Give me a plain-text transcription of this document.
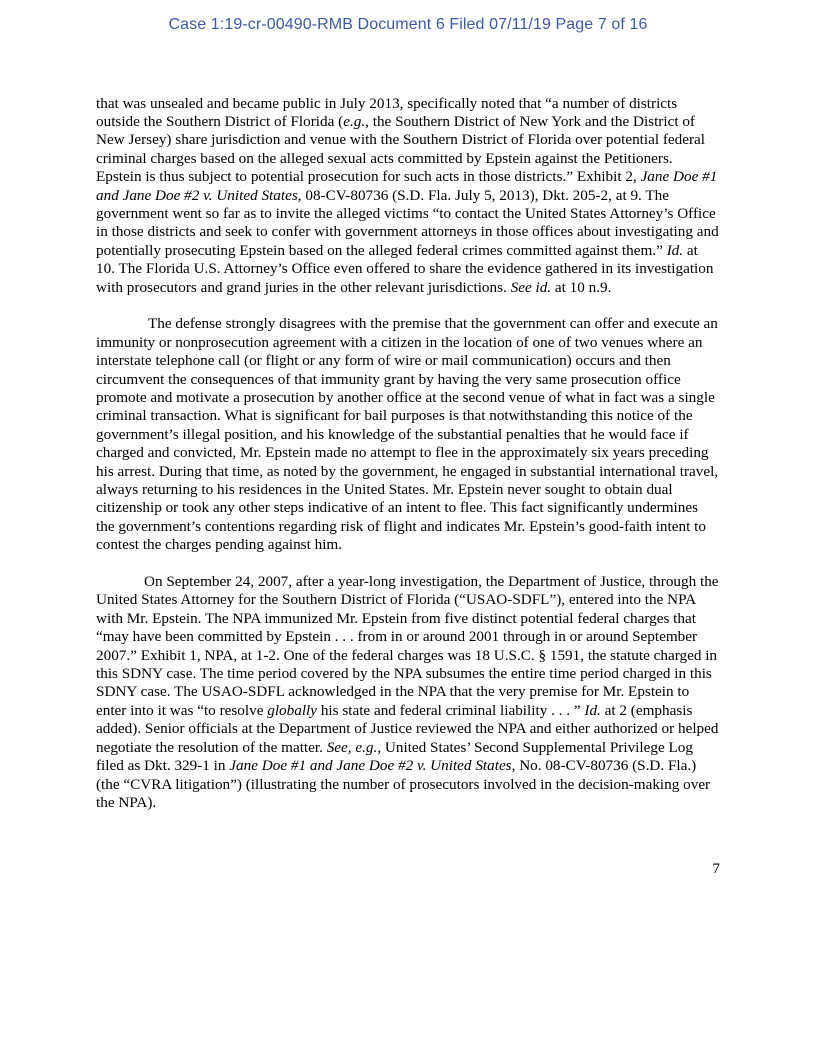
Case 1:19-cr-00490-RMB Document 6 Filed 07/11/19 Page 7 of 16

that was unsealed and became public in July 2013, specifically noted that “a number of districts outside the Southern District of Florida (e.g., the Southern District of New York and the District of New Jersey) share jurisdiction and venue with the Southern District of Florida over potential federal criminal charges based on the alleged sexual acts committed by Epstein against the Petitioners. Epstein is thus subject to potential prosecution for such acts in those districts.” Exhibit 2, Jane Doe #1 and Jane Doe #2 v. United States, 08-CV-80736 (S.D. Fla. July 5, 2013), Dkt. 205-2, at 9. The government went so far as to invite the alleged victims “to contact the United States Attorney’s Office in those districts and seek to confer with government attorneys in those offices about investigating and potentially prosecuting Epstein based on the alleged federal crimes committed against them.” Id. at 10. The Florida U.S. Attorney’s Office even offered to share the evidence gathered in its investigation with prosecutors and grand juries in the other relevant jurisdictions. See id. at 10 n.9.

The defense strongly disagrees with the premise that the government can offer and execute an immunity or nonprosecution agreement with a citizen in the location of one of two venues where an interstate telephone call (or flight or any form of wire or mail communication) occurs and then circumvent the consequences of that immunity grant by having the very same prosecution office promote and motivate a prosecution by another office at the second venue of what in fact was a single criminal transaction. What is significant for bail purposes is that notwithstanding this notice of the government’s illegal position, and his knowledge of the substantial penalties that he would face if charged and convicted, Mr. Epstein made no attempt to flee in the approximately six years preceding his arrest. During that time, as noted by the government, he engaged in substantial international travel, always returning to his residences in the United States. Mr. Epstein never sought to obtain dual citizenship or took any other steps indicative of an intent to flee. This fact significantly undermines the government’s contentions regarding risk of flight and indicates Mr. Epstein’s good-faith intent to contest the charges pending against him.

On September 24, 2007, after a year-long investigation, the Department of Justice, through the United States Attorney for the Southern District of Florida (“USAO-SDFL”), entered into the NPA with Mr. Epstein. The NPA immunized Mr. Epstein from five distinct potential federal charges that “may have been committed by Epstein . . . from in or around 2001 through in or around September 2007.” Exhibit 1, NPA, at 1-2. One of the federal charges was 18 U.S.C. § 1591, the statute charged in this SDNY case. The time period covered by the NPA subsumes the entire time period charged in this SDNY case. The USAO-SDFL acknowledged in the NPA that the very premise for Mr. Epstein to enter into it was “to resolve globally his state and federal criminal liability . . . ” Id. at 2 (emphasis added). Senior officials at the Department of Justice reviewed the NPA and either authorized or helped negotiate the resolution of the matter. See, e.g., United States’ Second Supplemental Privilege Log filed as Dkt. 329-1 in Jane Doe #1 and Jane Doe #2 v. United States, No. 08-CV-80736 (S.D. Fla.) (the “CVRA litigation”) (illustrating the number of prosecutors involved in the decision-making over the NPA).

7
